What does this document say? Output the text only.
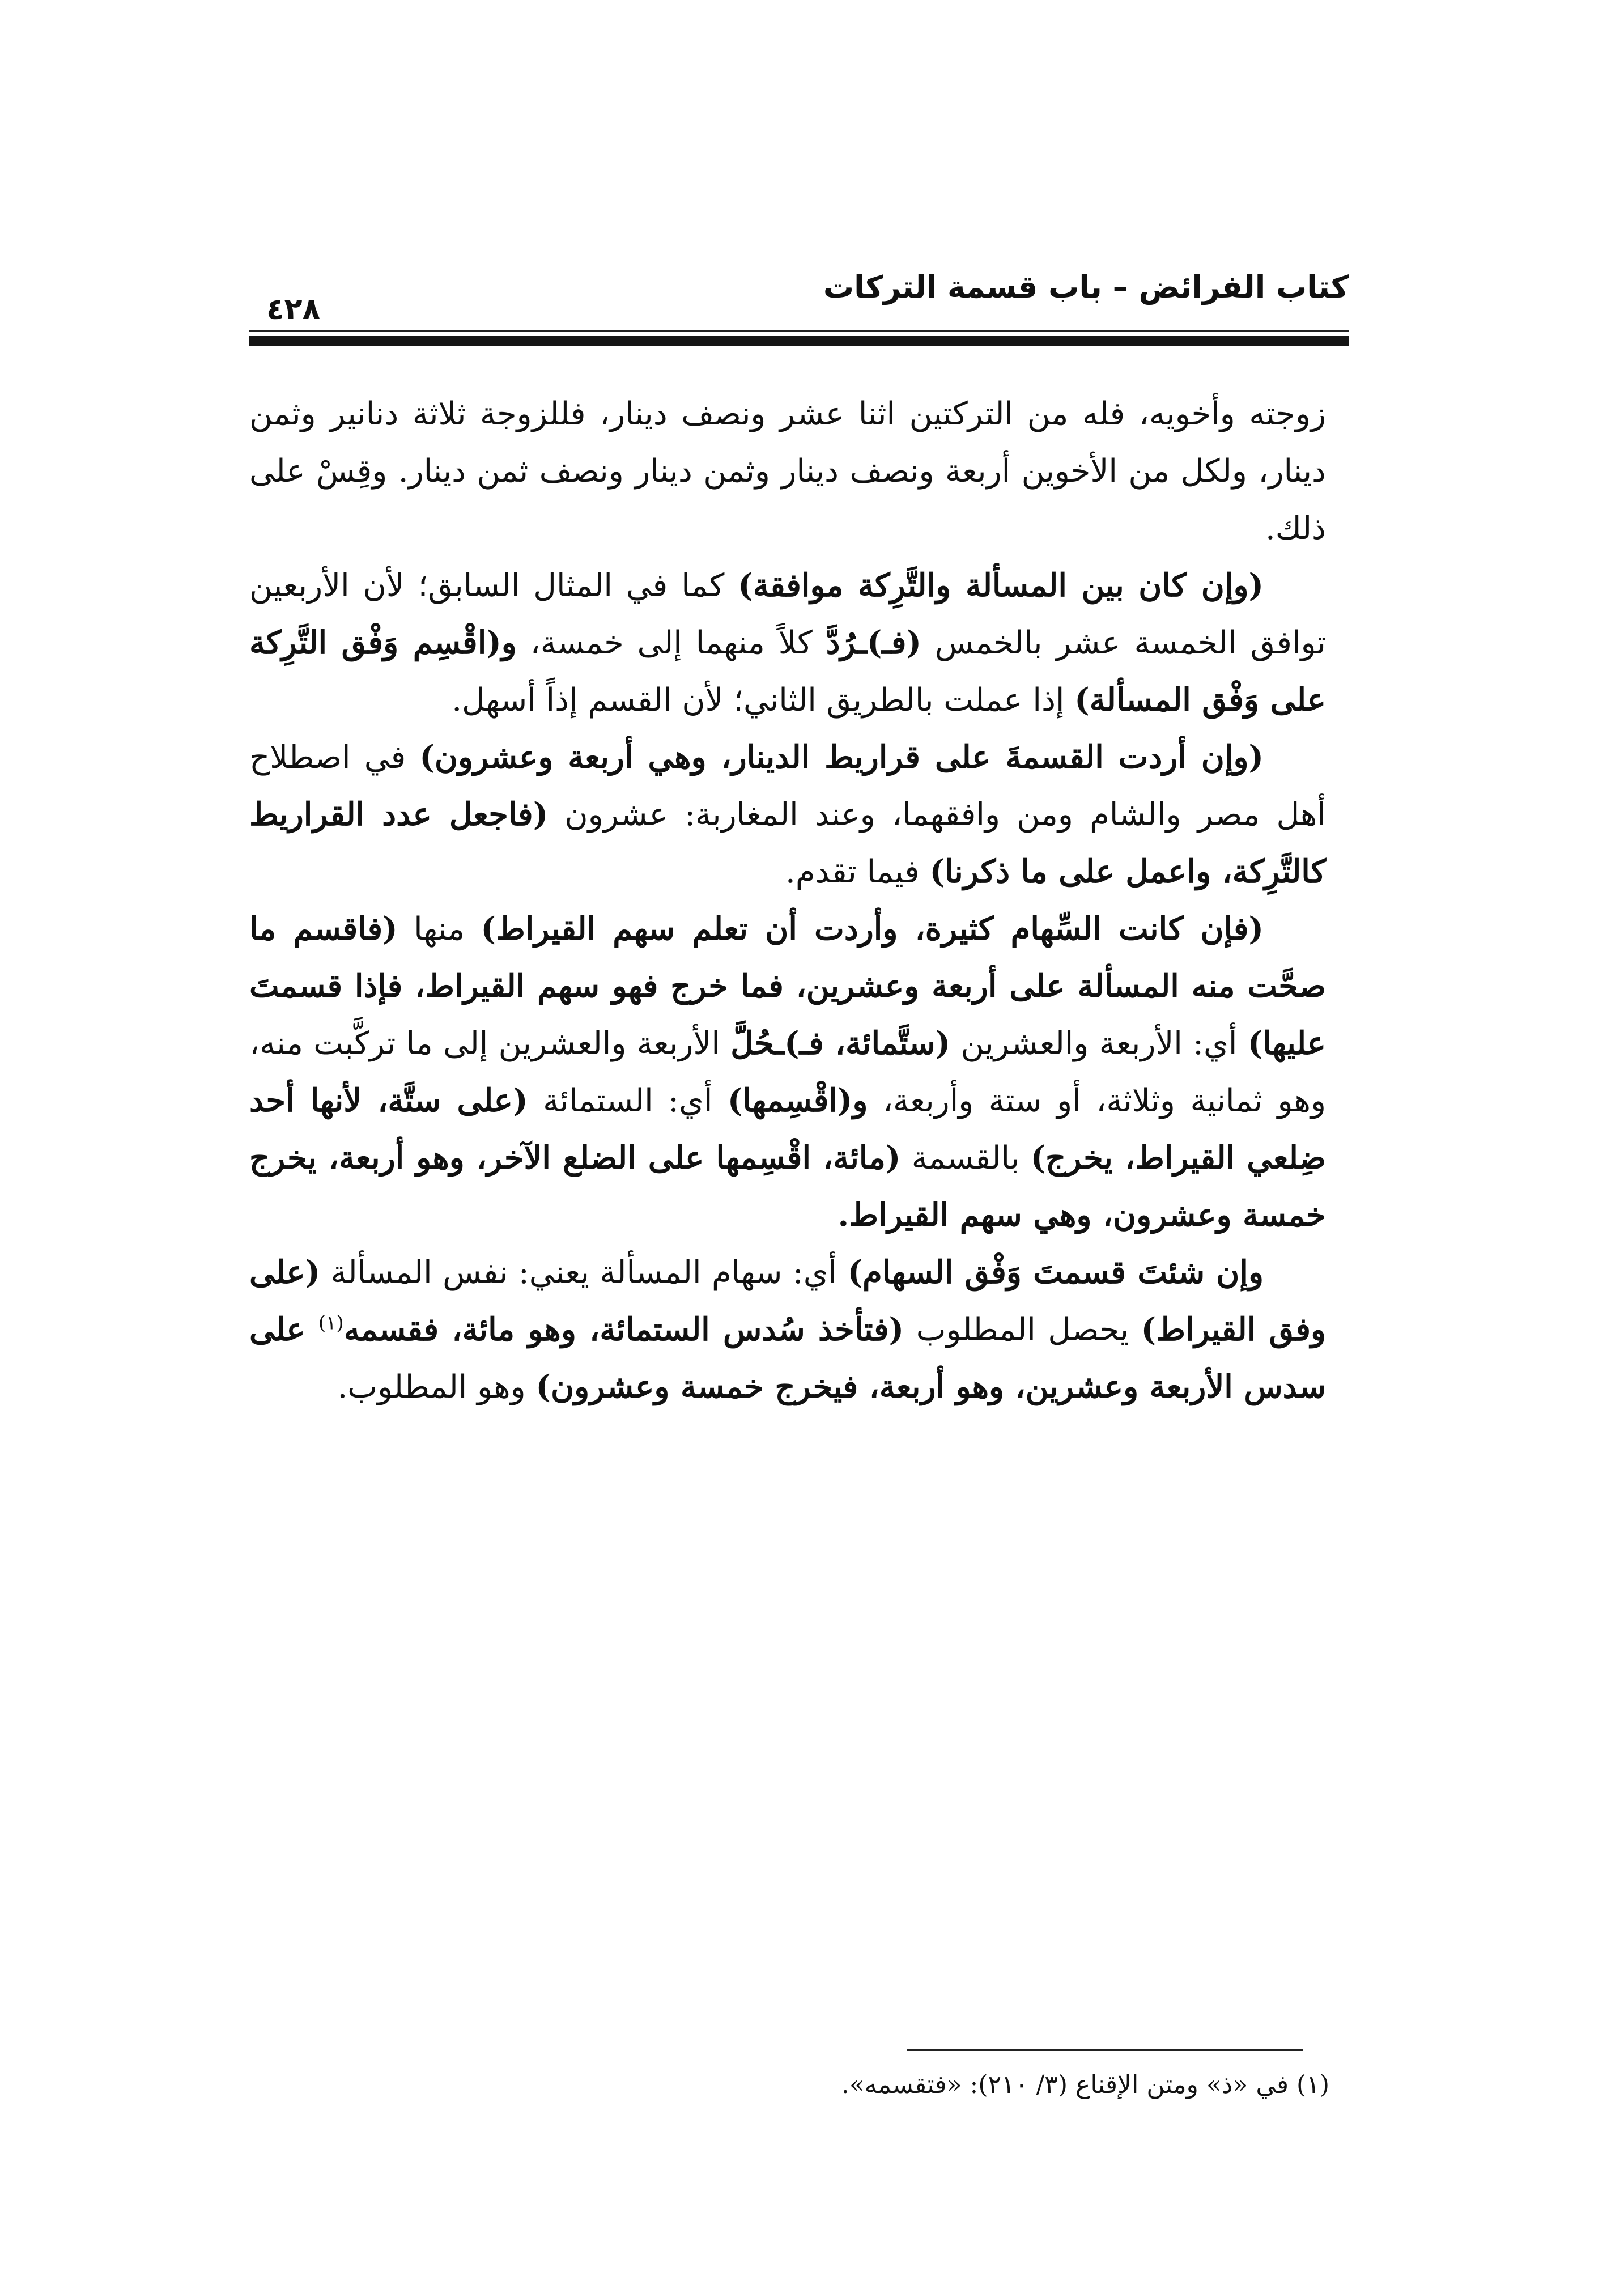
كتاب الفرائض – باب قسمة التركات
٤٢٨

زوجته وأخويه، فله من التركتين اثنا عشر ونصف دينار، فللزوجة ثلاثة دنانير وثمن دينار، ولكل من الأخوين أربعة ونصف دينار وثمن دينار ونصف ثمن دينار. وقِسْ على ذلك.

(وإن كان بين المسألة والتَّرِكة موافقة) كما في المثال السابق؛ لأن الأربعين توافق الخمسة عشر بالخمس (فـ)ـرُدَّ كلاً منهما إلى خمسة، و(اقْسِم وَفْق التَّرِكة على وَفْق المسألة) إذا عملت بالطريق الثاني؛ لأن القسم إذاً أسهل.

(وإن أردت القسمةَ على قراريط الدينار، وهي أربعة وعشرون) في اصطلاح أهل مصر والشام ومن وافقهما، وعند المغاربة: عشرون (فاجعل عدد القراريط كالتَّرِكة، واعمل على ما ذكرنا) فيما تقدم.

(فإن كانت السِّهام كثيرة، وأردت أن تعلم سهم القيراط) منها (فاقسم ما صحَّت منه المسألة على أربعة وعشرين، فما خرج فهو سهم القيراط، فإذا قسمتَ عليها) أي: الأربعة والعشرين (ستَّمائة، فـ)ـحُلَّ الأربعة والعشرين إلى ما تركَّبت منه، وهو ثمانية وثلاثة، أو ستة وأربعة، و(اقْسِمها) أي: الستمائة (على ستَّة، لأنها أحد ضِلعي القيراط، يخرج) بالقسمة (مائة، اقْسِمها على الضلع الآخر، وهو أربعة، يخرج خمسة وعشرون، وهي سهم القيراط.

وإن شئتَ قسمتَ وَفْق السهام) أي: سهام المسألة يعني: نفس المسألة (على وفق القيراط) يحصل المطلوب (فتأخذ سُدس الستمائة، وهو مائة، فقسمه$^{(١)}$ على سدس الأربعة وعشرين، وهو أربعة، فيخرج خمسة وعشرون) وهو المطلوب.

(١) في «ذ» ومتن الإقناع (٣/ ٢١٠): «فتقسمه».
